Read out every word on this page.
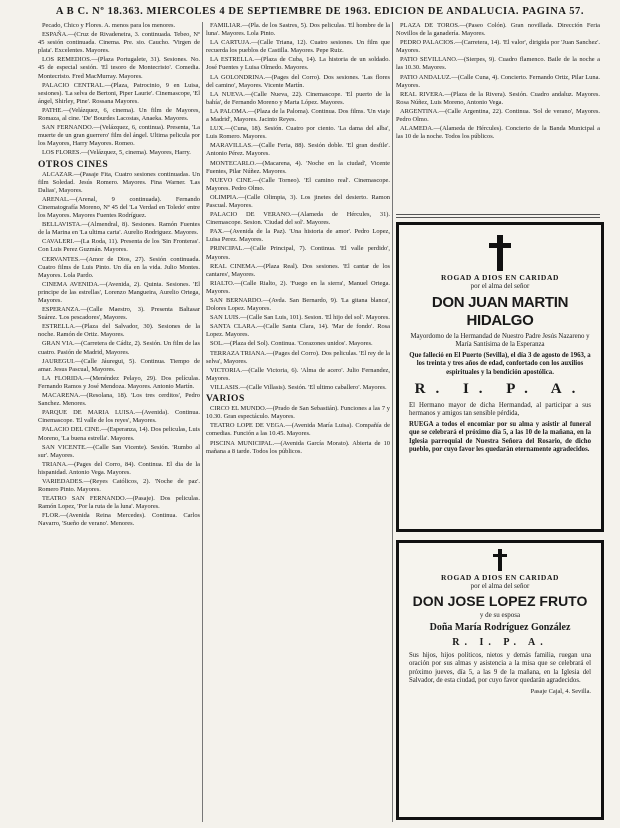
A B C. Nº 18.363. MIERCOLES 4 DE SEPTIEMBRE DE 1963. EDICION DE ANDALUCIA. PAGINA 57.

Pecado, Chico y Flores. A. menos para los menores.

ESPAÑA.—(Cruz de Rivadeneira, 3. continuada. Tebeo, Nº 45 sesión continuada. Cinema. Pre. sio. Caucho. 'Virgen de plata'. Excelentes. Mayores.

LOS REMEDIOS.—(Plaza Portugalete, 31). Sesiones. No. 45 de especial sesión. 'El tesoro de Montecristo'. Comedia. Montecristo. Fred MacMurray. Mayores.

PALACIO CENTRAL.—(Plaza, Patrocinio, 9 en Luisa, sesiones). 'La selva de Bertoni, Piper Laurie'. Cinemascope, 'El ángel, Shirley, Pine'. Rossana Mayores.

PATHE.—(Velázquez, 6, cinema). Un film de Mayores, Romaza, al cine. 'De' Bourdes Lacostas, Anaeka. Mayores.

SAN FERNANDO.—(Velázquez, 6, continua). Presenta, 'La muerte de un gran guerrero' film del ángel. Ultima pelicula por los Mayores, Harry Mayores. Romeo.

LOS FLORES.—(Velázquez, 5, cinema). Mayores, Harry.

OTROS CINES

ALCAZAR.—(Pasaje Fita, Cuatro sesiones continuadas. Un film Soledad. Jesús Romero. Mayores. Fina Warner. 'Las Dalias', Mayores.

ARENAL.—(Arenal, 9 continuada). Fernando Cinematografía Moreno, Nº 45 del 'La Verdad en Toledo' entre los Mayores. Mayores Fuentes Rodríguez.

BELLAVISTA.—(Almendral, 8). Sesiones. Ramón Fuentes de la Marina en 'La ultima carta'. Aurelio Rodriguez. Mayores.

CAVALERI.—(La Roda, 11). Presenta de los 'Sin Fronteras'. Con Luis Perez Guzmán. Mayores.

CERVANTES.—(Amor de Dios, 27). Sesión continuada. Cuatro films de Luis Pinto. Un día en la vida. Julio Montes. Mayores. Lola Pardo.

CINEMA AVENIDA.—(Avenida, 2). Quinta. Sesiones. 'El principe de las estrellas', Lorenzo Mangueira, Aurelio Ortega, Mayores.

ESPERANZA.—(Calle Maestro, 3). Presenta Baltasar Suárez. 'Los pescadores', Mayores.

ESTRELLA.—(Plaza del Salvador, 30). Sesiones de la noche. Ramón de Ortiz. Mayores.

GRAN VIA.—(Carretera de Cádiz, 2). Sesión. Un film de las cuatro. Pasión de Madrid, Mayores.

JAUREGUI.—(Calle Jáuregui, 5). Continua. Tiempo de amar. Jesus Pascual, Mayores.

LA FLORIDA.—(Menéndez Pelayo, 29). Dos películas. Fernando Ramos y José Mendoza. Mayores. Antonio Martín.

MACARENA.—(Resolana, 18). 'Los tres cerditos', Pedro Sanchez. Menores.

PARQUE DE MARIA LUISA.—(Avenida). Continua. Cinemascope. 'El valle de los reyes', Mayores.

PALACIO DEL CINE.—(Esperanza, 14). Dos peliculas, Luis Moreno, 'La buena estrella'. Mayores.

SAN VICENTE.—(Calle San Vicente). Sesión. 'Rumbo al sur'. Mayores.

TRIANA.—(Pages del Corro, 84). Continua. El dia de la hispanidad. Antonio Vega. Mayores.

VARIEDADES.—(Reyes Católicos, 2). 'Noche de paz'. Romero Pinto. Mayores.

TEATRO SAN FERNANDO.—(Pasaje). Dos peliculas. Ramón Lopez, 'Por la ruta de la luna'. Mayores.

FLOR.—(Avenida Reina Mercedes). Continua. Carlos Navarro, 'Sueño de verano'. Menores.

FAMILIAR.—(Pla. de los Sastres, 5). Dos peliculas. 'El hombre de la luna'. Mayores. Lola Pinto.

LA CARTUJA.—(Calle Triana, 12). Cuatro sesiones. Un film que recuerda los pueblos de Castilla. Mayores. Pepe Ruiz.

LA ESTRELLA.—(Plaza de Cuba, 14). La historia de un soldado. José Fuentes y Luisa Olmedo. Mayores.

LA GOLONDRINA.—(Pages del Corro). Dos sesiones. 'Las flores del camino', Mayores. Vicente Martín.

LA NUEVA.—(Calle Nueva, 22). Cinemascope. 'El puerto de la bahía', de Fernando Moreno y Marta López. Mayores.

LA PALOMA.—(Plaza de la Paloma). Continua. Dos films. 'Un viaje a Madrid', Mayores. Jacinto Reyes.

LUX.—(Cuna, 18). Sesión. Cuatro por ciento. 'La dama del alba', Luis Romero. Mayores.

MARAVILLAS.—(Calle Feria, 88). Sesión doble. 'El gran desfile'. Antonio Pérez. Mayores.

MONTECARLO.—(Macarena, 4). 'Noche en la ciudad', Vicente Fuentes, Pilar Núñez. Mayores.

NUEVO CINE.—(Calle Torneo). 'El camino real'. Cinemascope. Mayores. Pedro Olmo.

OLIMPIA.—(Calle Olimpia, 3). Los jinetes del desierto. Ramon Pascual. Mayores.

PALACIO DE VERANO.—(Alameda de Hércules, 31). Cinemascope. Sesion. 'Ciudad del sol'. Mayores.

PAX.—(Avenida de la Paz). 'Una historia de amor'. Pedro Lopez, Luisa Perez. Mayores.

PRINCIPAL.—(Calle Principal, 7). Continua. 'El valle perdido', Mayores.

REAL CINEMA.—(Plaza Real). Dos sesiones. 'El cantar de los cantares', Mayores.

RIALTO.—(Calle Rialto, 2). 'Fuego en la sierra', Manuel Ortega. Mayores.

SAN BERNARDO.—(Avda. San Bernardo, 9). 'La gitana blanca', Dolores Lopez. Mayores.

SAN LUIS.—(Calle San Luis, 101). Sesion. 'El hijo del sol'. Mayores.

SANTA CLARA.—(Calle Santa Clara, 14). 'Mar de fondo'. Rosa Lopez. Mayores.

SOL.—(Plaza del Sol). Continua. 'Corazones unidos'. Mayores.

TERRAZA TRIANA.—(Pages del Corro). Dos peliculas. 'El rey de la selva', Mayores.

VICTORIA.—(Calle Victoria, 6). 'Alma de acero'. Julio Fernandez, Mayores.

VILLASIS.—(Calle Villasis). Sesión. 'El ultimo caballero'. Mayores.

VARIOS

CIRCO EL MUNDO.—(Prado de San Sebastián). Funciones a las 7 y 10.30. Gran espectáculo. Mayores.

TEATRO LOPE DE VEGA.—(Avenida María Luisa). Compañía de comedias. Función a las 10.45. Mayores.

PISCINA MUNICIPAL.—(Avenida García Morato). Abierta de 10 mañana a 8 tarde. Todos los públicos.

PLAZA DE TOROS.—(Paseo Colón). Gran novillada. Dirección Feria Novillos de la ganadería. Mayores.

PEDRO PALACIOS.—(Carretera, 14). 'El valor', dirigida por 'Juan Sanchez'. Mayores.

PATIO SEVILLANO.—(Sierpes, 9). Cuadro flamenco. Baile de la noche a las 10.30. Mayores.

PATIO ANDALUZ.—(Calle Cuna, 4). Concierto. Fernando Ortiz, Pilar Luna. Mayores.

REAL RIVERA.—(Plaza de la Rivera). Sesión. Cuadro andaluz. Mayores. Rosa Núñez, Luis Moreno, Antonio Vega.

ARGENTINA.—(Calle Argentina, 22). Continua. 'Sol de verano', Mayores. Pedro Olmo.

ALAMEDA.—(Alameda de Hércules). Concierto de la Banda Municipal a las 10 de la noche. Todos los públicos.

ROGAD A DIOS EN CARIDAD
por el alma del señor
DON JUAN MARTIN HIDALGO
Mayordomo de la Hermandad de Nuestro Padre Jesús Nazareno y María Santísima de la Esperanza
Que falleció en El Puerto (Sevilla), el día 3 de agosto de 1963, a los treinta y tres años de edad, confortado con los auxilios espirituales y la bendición apostólica.
R. I. P. A.
El Hermano mayor de dicha Hermandad, al participar a sus hermanos y amigos tan sensible pérdida,
RUEGA a todos el encomiar por su alma y asistir al funeral que se celebrará el próximo día 5, a las 10 de la mañana, en la Iglesia parroquial de Nuestra Señora del Rosario, de dicho pueblo, por cuyo favor les quedarán eternamente agradecidos.
ROGAD A DIOS EN CARIDAD
por el alma del señor
DON JOSE LOPEZ FRUTO
y de su esposa
Doña María Rodríguez González
R. I. P. A.
Sus hijos, hijos políticos, nietos y demás familia, ruegan una oración por sus almas y asistencia a la misa que se celebrará el próximo jueves, día 5, a las 9 de la mañana, en la Iglesia del Salvador, de esta ciudad, por cuyo favor quedarán agradecidos.
Pasaje Cajal, 4. Sevilla.
